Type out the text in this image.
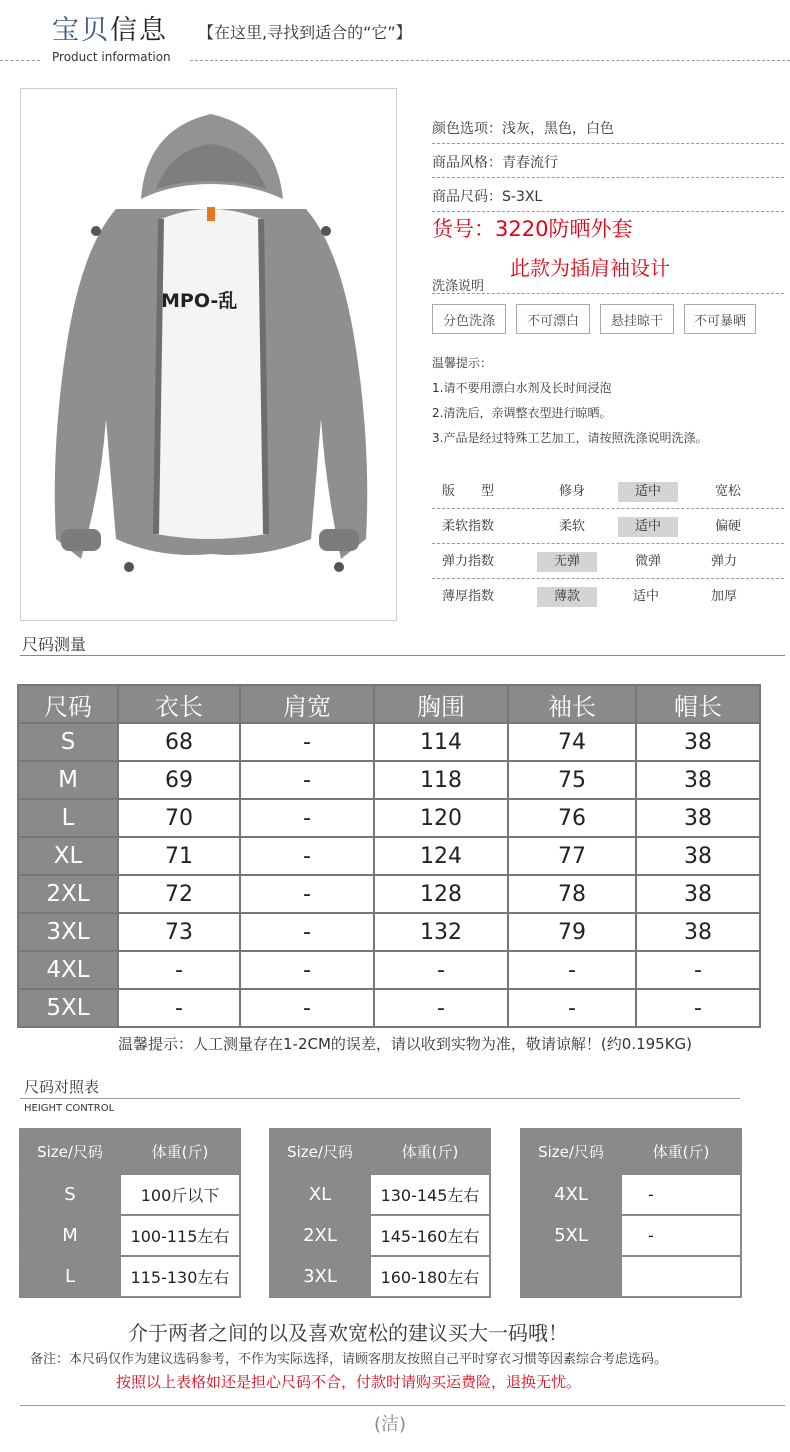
宝贝信息 【在这里,寻找到适合的“它”】
Product information
MPO-乱
颜色选项：浅灰，黑色，白色
商品风格：青春流行
商品尺码：S-3XL
货号：3220防晒外套
此款为插肩袖设计
洗涤说明
分色洗涤	不可漂白	悬挂晾干	不可暴晒
温馨提示：
1.请不要用漂白水剂及长时间浸泡
2.清洗后，亲调整衣型进行晾晒。
3.产品是经过特殊工艺加工，请按照洗涤说明洗涤。
版　　型	修身	适中	宽松
柔软指数	柔软	适中	偏硬
弹力指数	无弹	微弹	弹力
薄厚指数	薄款	适中	加厚
尺码测量
尺码	衣长	肩宽	胸围	袖长	帽长
S	68	-	114	74	38
M	69	-	118	75	38
L	70	-	120	76	38
XL	71	-	124	77	38
2XL	72	-	128	78	38
3XL	73	-	132	79	38
4XL	-	-	-	-	-
5XL	-	-	-	-	-
温馨提示：人工测量存在1-2CM的误差，请以收到实物为准，敬请谅解！(约0.195KG)
尺码对照表
HEIGHT CONTROL
Size/尺码	体重(斤)
S	100斤以下
M	100-115左右
L	115-130左右
Size/尺码	体重(斤)
XL	130-145左右
2XL	145-160左右
3XL	160-180左右
Size/尺码	体重(斤)
4XL	-
5XL	-

介于两者之间的以及喜欢宽松的建议买大一码哦！
备注：本尺码仅作为建议选码参考，不作为实际选择，请顾客朋友按照自己平时穿衣习惯等因素综合考虑选码。
按照以上表格如还是担心尺码不合，付款时请购买运费险，退换无忧。
(洁)
